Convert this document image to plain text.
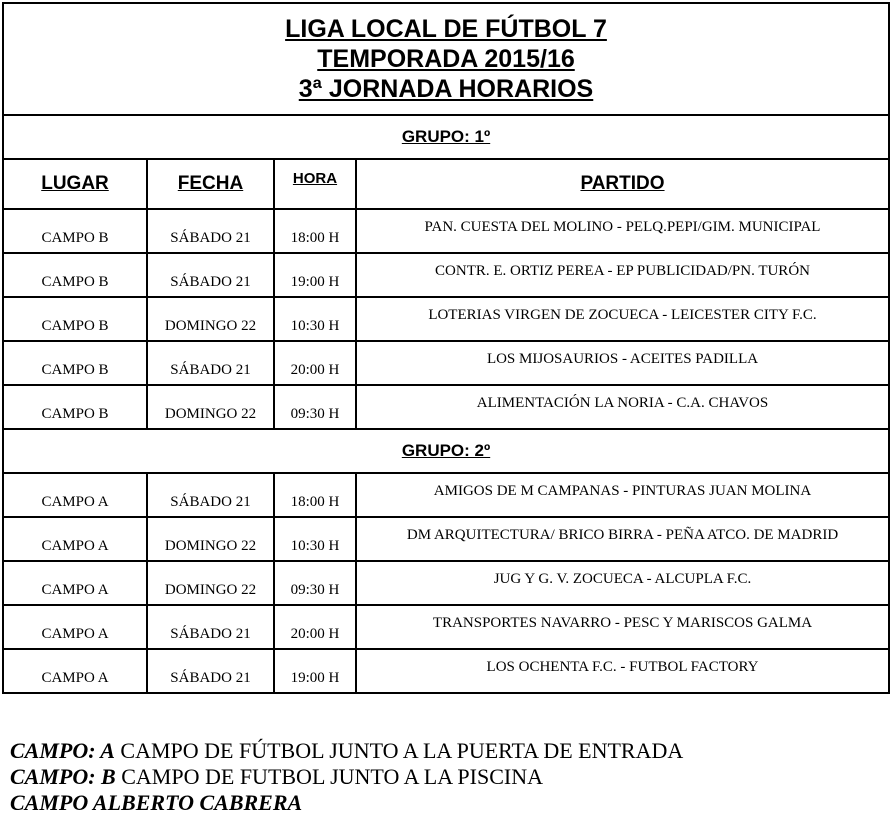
LIGA LOCAL DE FÚTBOL 7
TEMPORADA 2015/16
3ª JORNADA HORARIOS			

GRUPO: 1º			
LUGAR	FECHA	HORA	PARTIDO
CAMPO B	SÁBADO 21	18:00 H	PAN. CUESTA DEL MOLINO - PELQ.PEPI/GIM. MUNICIPAL
CAMPO B	SÁBADO 21	19:00 H	CONTR. E. ORTIZ PEREA - EP PUBLICIDAD/PN. TURÓN
CAMPO B	DOMINGO 22	10:30 H	LOTERIAS VIRGEN DE ZOCUECA - LEICESTER CITY F.C.
CAMPO B	SÁBADO 21	20:00 H	LOS MIJOSAURIOS - ACEITES PADILLA
CAMPO B	DOMINGO 22	09:30 H	ALIMENTACIÓN LA NORIA - C.A. CHAVOS
GRUPO: 2º			
CAMPO A	SÁBADO 21	18:00 H	AMIGOS DE M CAMPANAS - PINTURAS JUAN MOLINA
CAMPO A	DOMINGO 22	10:30 H	DM ARQUITECTURA/ BRICO BIRRA - PEÑA ATCO. DE MADRID
CAMPO A	DOMINGO 22	09:30 H	JUG Y G. V. ZOCUECA - ALCUPLA F.C.
CAMPO A	SÁBADO 21	20:00 H	TRANSPORTES NAVARRO - PESC Y MARISCOS GALMA
CAMPO A	SÁBADO 21	19:00 H	LOS OCHENTA F.C. - FUTBOL FACTORY
CAMPO: A CAMPO DE FÚTBOL JUNTO A LA PUERTA DE ENTRADA
CAMPO: B CAMPO DE FUTBOL JUNTO A LA PISCINA
CAMPO ALBERTO CABRERA
